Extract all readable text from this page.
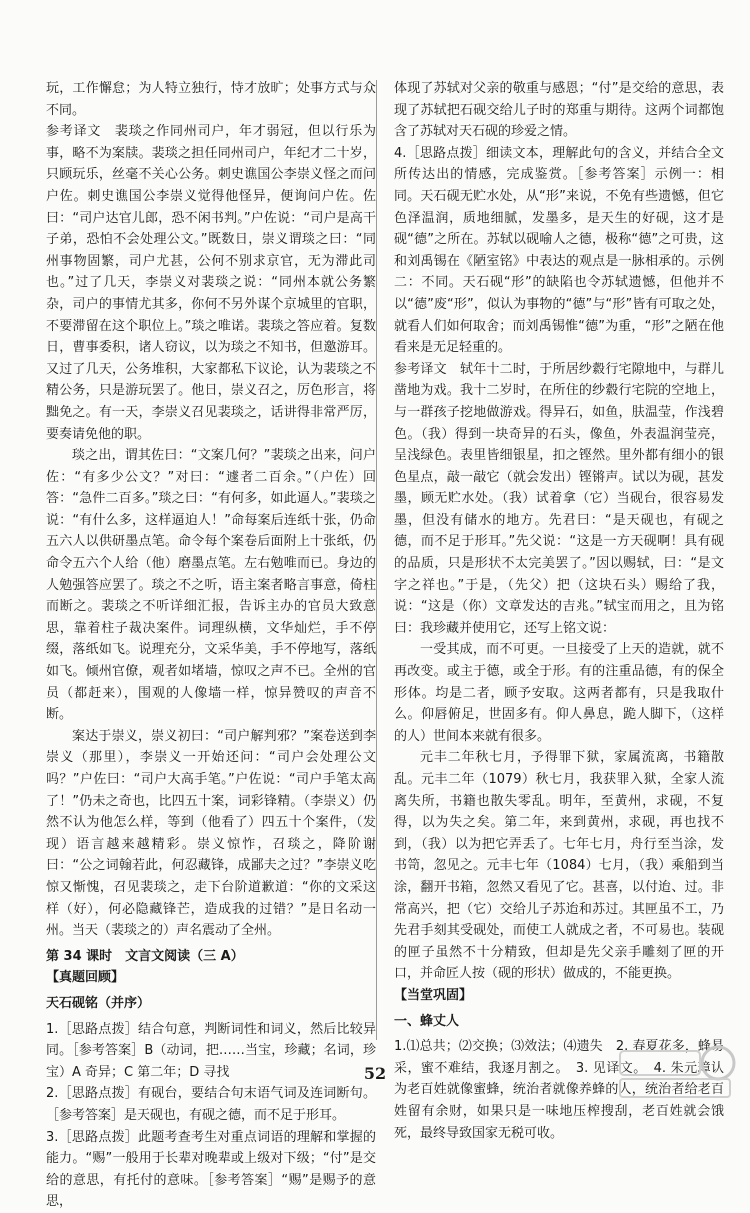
玩，工作懈怠；为人特立独行，恃才放旷；处事方式与众不同。

参考译文　裴琰之作同州司户，年才弱冠，但以行乐为事，略不为案牍。裴琰之担任同州司户，年纪才二十岁，只顾玩乐，丝毫不关心公务。刺史谯国公李崇义怪之而问户佐。刺史谯国公李崇义觉得他怪异，便询问户佐。佐曰：“司户达官儿郎，恐不闲书判。”户佐说：“司户是高干子弟，恐怕不会处理公文。”既数日，崇义谓琰之曰：“同州事物固繁，司户尤甚，公何不别求京官，无为滞此司也。”过了几天，李崇义对裴琰之说：“同州本就公务繁杂，司户的事情尤其多，你何不另外谋个京城里的官职，不要滞留在这个职位上。”琰之唯诺。裴琰之答应着。复数日，曹事委积，诸人窃议，以为琰之不知书，但邀游耳。又过了几天，公务堆积，大家都私下议论，认为裴琰之不精公务，只是游玩罢了。他日，崇义召之，厉色形言，将黜免之。有一天，李崇义召见裴琰之，话讲得非常严厉，要奏请免他的职。

琰之出，谓其佐曰：“文案几何？”裴琰之出来，问户佐：“有多少公文？”对曰：“遽者二百余。”（户佐）回答：“急件二百多。”琰之曰：“有何多，如此逼人。”裴琰之说：“有什么多，这样逼迫人！”命每案后连纸十张，仍命五六人以供研墨点笔。命令每个案卷后面附上十张纸，仍命令五六个人给（他）磨墨点笔。左右勉唯而已。身边的人勉强答应罢了。琰之不之听，语主案者略言事意，倚柱而断之。裴琰之不听详细汇报，告诉主办的官员大致意思，靠着柱子裁决案件。词理纵横，文华灿烂，手不停缀，落纸如飞。说理充分，文采华美，手不停地写，落纸如飞。倾州官僚，观者如堵墙，惊叹之声不已。全州的官员（都赶来），围观的人像墙一样，惊异赞叹的声音不断。

案达于崇义，崇义初曰：“司户解判邪？”案卷送到李崇义（那里），李崇义一开始还问：“司户会处理公文吗？”户佐曰：“司户大高手笔。”户佐说：“司户手笔太高了！”仍未之奇也，比四五十案，词彩锋精。（李崇义）仍然不认为他怎么样，等到（他看了）四五十个案件，（发现）语言越来越精彩。崇义惊怍，召琰之，降阶谢曰：“公之词翰若此，何忍藏锋，成鄙夫之过？”李崇义吃惊又惭愧，召见裴琰之，走下台阶道歉道：“你的文采这样（好），何必隐藏锋芒，造成我的过错？”是日名动一州。当天（裴琰之的）声名震动了全州。

第 34 课时　文言文阅读（三 A）

【真题回顾】

天石砚铭（并序）

1.［思路点拨］结合句意，判断词性和词义，然后比较异同。［参考答案］B（动词，把……当宝，珍藏；名词，珍宝）A 奇异；C 第二年；D 寻找

2.［思路点拨］有砚台，要结合句末语气词及连词断句。［参考答案］是天砚也，有砚之德，而不足于形耳。

3.［思路点拨］此题考查考生对重点词语的理解和掌握的能力。“赐”一般用于长辈对晚辈或上级对下级；“付”是交给的意思，有托付的意味。［参考答案］“赐”是赐予的意思，

体现了苏轼对父亲的敬重与感恩；“付”是交给的意思，表现了苏轼把石砚交给儿子时的郑重与期待。这两个词都饱含了苏轼对天石砚的珍爱之情。

4.［思路点拨］细读文本，理解此句的含义，并结合全文所传达出的情感，完成鉴赏。［参考答案］示例一：相同。天石砚无贮水处，从“形”来说，不免有些遗憾，但它色泽温润，质地细腻，发墨多，是天生的好砚，这才是砚“德”之所在。苏轼以砚喻人之德，极称“德”之可贵，这和刘禹锡在《陋室铭》中表达的观点是一脉相承的。示例二：不同。天石砚“形”的缺陷也令苏轼遗憾，但他并不以“德”废“形”，似认为事物的“德”与“形”皆有可取之处，就看人们如何取舍；而刘禹锡惟“德”为重，“形”之陋在他看来是无足轻重的。

参考译文　轼年十二时，于所居纱縠行宅隙地中，与群儿凿地为戏。我十二岁时，在所住的纱縠行宅院的空地上，与一群孩子挖地做游戏。得异石，如鱼，肤温莹，作浅碧色。（我）得到一块奇异的石头，像鱼，外表温润莹亮，呈浅绿色。表里皆细银星，扣之铿然。里外都有细小的银色星点，敲一敲它（就会发出）铿锵声。试以为砚，甚发墨，顾无贮水处。（我）试着拿（它）当砚台，很容易发墨，但没有储水的地方。先君曰：“是天砚也，有砚之德，而不足于形耳。”先父说：“这是一方天砚啊！具有砚的品质，只是形状不太完美罢了。”因以赐轼，曰：“是文字之祥也。”于是，（先父）把（这块石头）赐给了我，说：“这是（你）文章发达的吉兆。”轼宝而用之，且为铭曰：我珍藏并使用它，还写上铭文说：

一受其成，而不可更。一旦接受了上天的造就，就不再改变。或主于德，或全于形。有的注重品德，有的保全形体。均是二者，顾予安取。这两者都有，只是我取什么。仰唇俯足，世固多有。仰人鼻息，跪人脚下，（这样的人）世间本来就有很多。

元丰二年秋七月，予得罪下狱，家属流离，书籍散乱。元丰二年（1079）秋七月，我获罪入狱，全家人流离失所，书籍也散失零乱。明年，至黄州，求砚，不复得，以为失之矣。第二年，来到黄州，求砚，再也找不到，（我）以为把它弄丢了。七年七月，舟行至当涂，发书笥，忽见之。元丰七年（1084）七月，（我）乘船到当涂，翻开书箱，忽然又看见了它。甚喜，以付迨、过。非常高兴，把（它）交给儿子苏迨和苏过。其匣虽不工，乃先君手刻其受砚处，而使工人就成之者，不可易也。装砚的匣子虽然不十分精致，但却是先父亲手雕刻了匣的开口，并命匠人按（砚的形状）做成的，不能更换。

【当堂巩固】

一、蜂丈人

1.⑴总共；⑵交换；⑶效法；⑷遗失　2. 春夏花多，蜂易采，蜜不难结，我逐月割之。　3. 见译文。　4. 朱元璋认为老百姓就像蜜蜂，统治者就像养蜂的人，统治者给老百姓留有余财，如果只是一味地压榨搜刮，老百姓就会饿死，最终导致国家无税可收。

52
